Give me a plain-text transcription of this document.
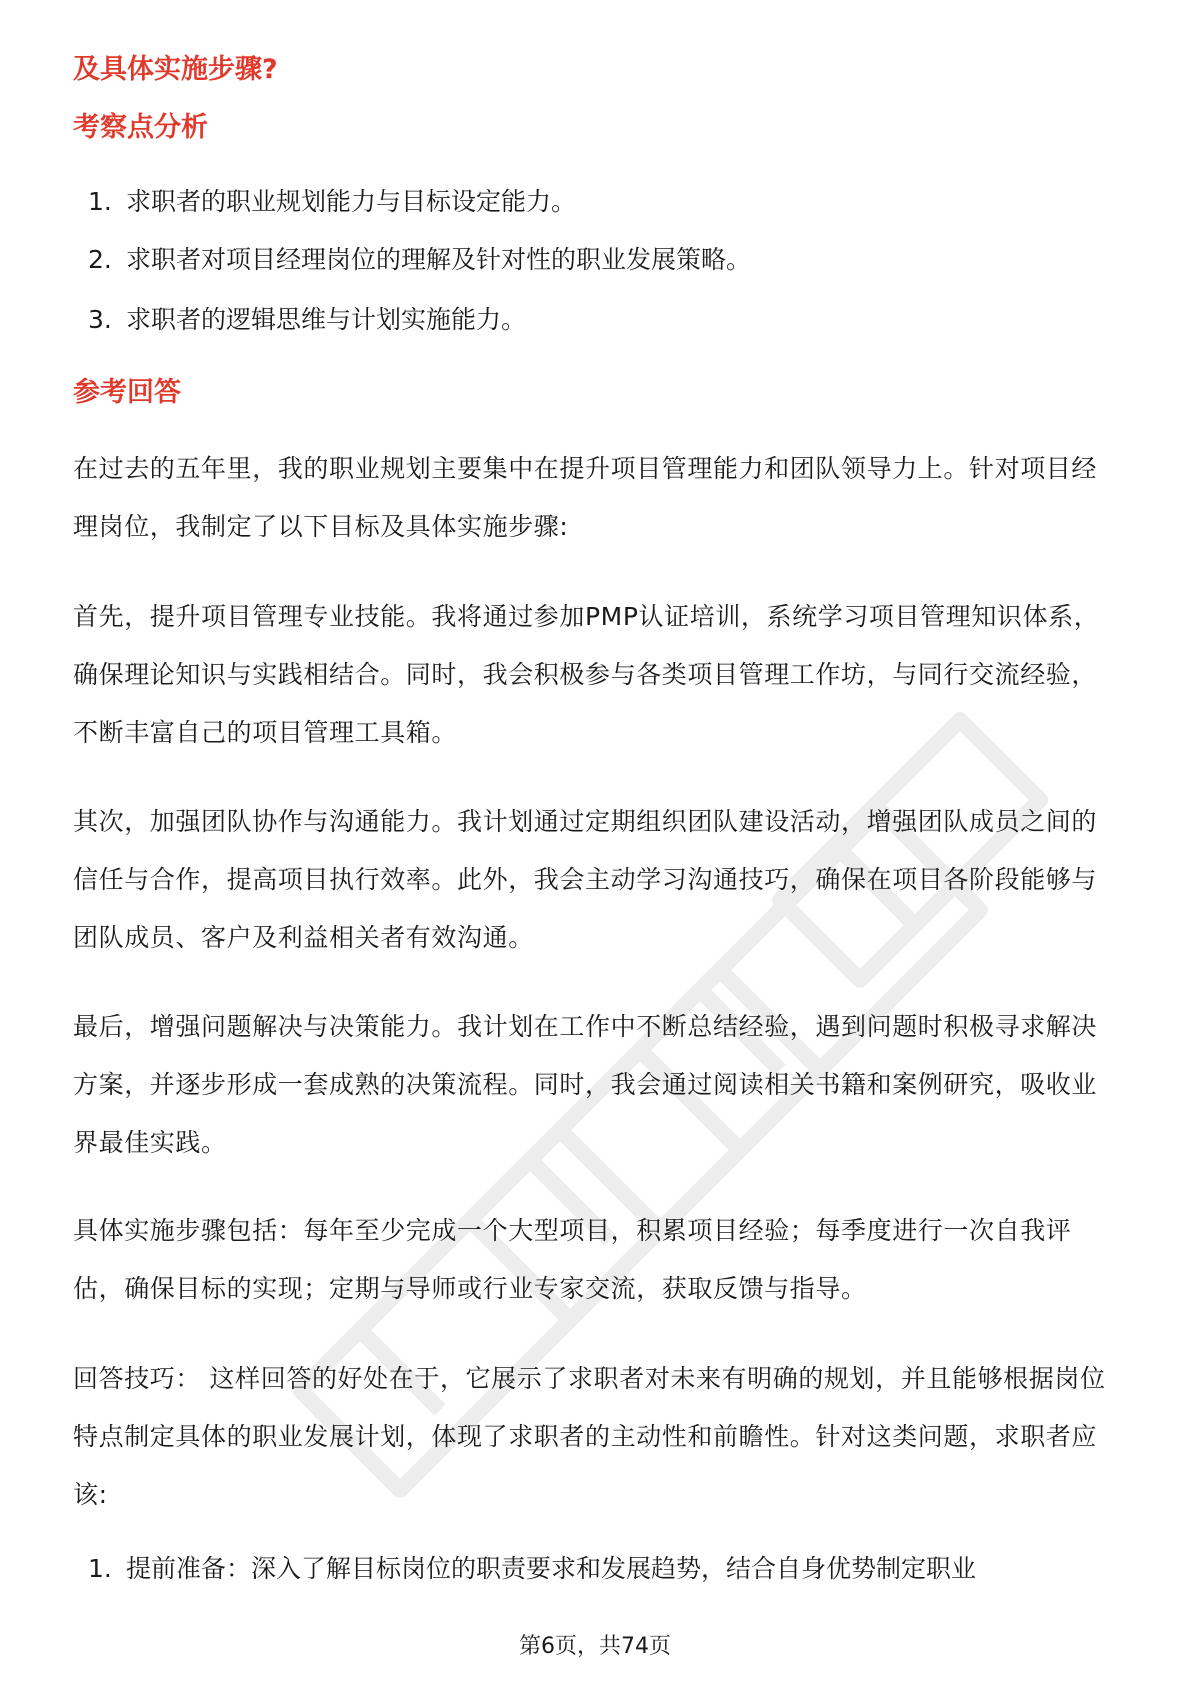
及具体实施步骤?
考察点分析
1. 求职者的职业规划能力与目标设定能力。
2. 求职者对项目经理岗位的理解及针对性的职业发展策略。
3. 求职者的逻辑思维与计划实施能力。
参考回答
在过去的五年里，我的职业规划主要集中在提升项目管理能力和团队领导力上。针对项目经理岗位，我制定了以下目标及具体实施步骤:
首先，提升项目管理专业技能。我将通过参加PMP认证培训，系统学习项目管理知识体系，确保理论知识与实践相结合。同时，我会积极参与各类项目管理工作坊，与同行交流经验，不断丰富自己的项目管理工具箱。
其次，加强团队协作与沟通能力。我计划通过定期组织团队建设活动，增强团队成员之间的信任与合作，提高项目执行效率。此外，我会主动学习沟通技巧，确保在项目各阶段能够与团队成员、客户及利益相关者有效沟通。
最后，增强问题解决与决策能力。我计划在工作中不断总结经验，遇到问题时积极寻求解决方案，并逐步形成一套成熟的决策流程。同时，我会通过阅读相关书籍和案例研究，吸收业界最佳实践。
具体实施步骤包括：每年至少完成一个大型项目，积累项目经验；每季度进行一次自我评估，确保目标的实现；定期与导师或行业专家交流，获取反馈与指导。
回答技巧： 这样回答的好处在于，它展示了求职者对未来有明确的规划，并且能够根据岗位特点制定具体的职业发展计划，体现了求职者的主动性和前瞻性。针对这类问题，求职者应该:
1. 提前准备：深入了解目标岗位的职责要求和发展趋势，结合自身优势制定职业
第6页，共74页
